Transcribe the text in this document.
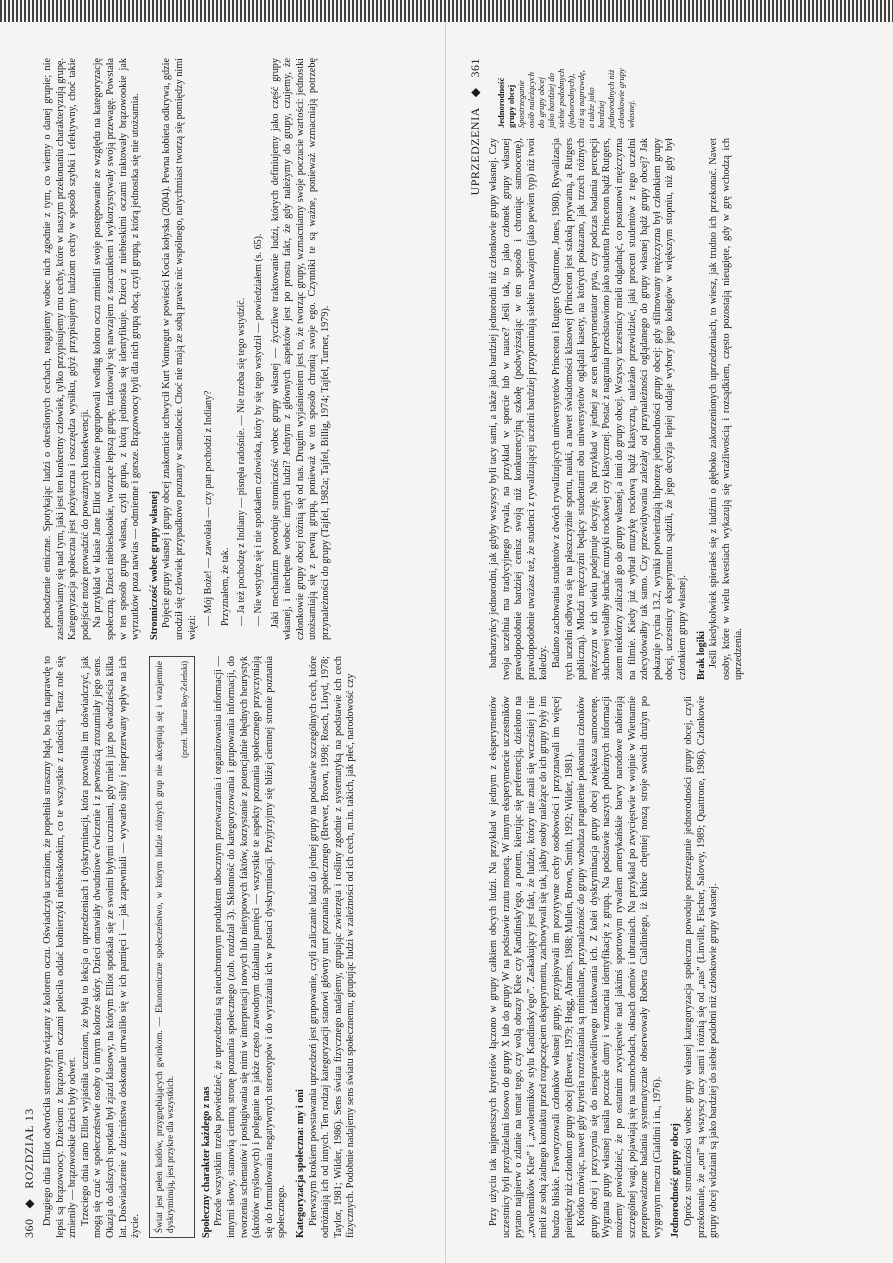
360
◆
ROZDZIAŁ 13 Drugiego dnia Elliot odwróciła stereotyp związany z kolorem oczu. Oświadczyła uczniom, że popełniła straszny błąd, bo tak naprawdę to lepsi są brązowoocy. Dzieciom z brązowymi oczami poleciła oddać kołnierzyki niebieskookim, co te wszystkie z radością. Teraz role się zmieniły — brązowookie dzieci były odwet. Trzeciego dnia rano Elliot wyjaśniła uczniom, że była to lekcja o uprzedzeniach i dyskryminacji, która pozwoliła im doświadczyć, jak mogą się czuć w społeczeństwie osoby o innym kolorze skóry. Dzieci omawiały dwudniowe ćwiczenie i z pewnością zrozumiały jego sens. Okazja do dalszych spotkań był zjazd klasowy, na którym Elliot spotkała się ze swoimi byłymi uczniami, gdy mieli już po dwadzieścia kilka lat. Doświadczenie z dzieciństwa doskonale utrwaliło się w ich pamięci i — jak zapewniali — wywarło silny i nieprzerwany wpływ na ich życie. Świat jest pełen kotłów, przygnębiających gwinkom. — Ekonomiczne społeczeństwo, w którym ludzie różnych grup nie akceptują się i wzajemnie dyskryminują, jest przykre dla wszystkich.
(przeł. Tadeusz Boy-Żeleński)

Społeczny charakter każdego z nas Przede wszystkim trzeba powiedzieć, że uprzedzenia są nieuchronnym produktem ubocznym przetwarzania i organizowania informacji — innymi słowy, stanowią ciemną stronę poznania społecznego (zob. rozdział 3). Skłonność do kategoryzowania i grupowania informacji, do tworzenia schematów i posługiwania się nimi w interpretacji nowych lub nietypowych faktów, korzystanie z potencjalnie błędnych heurystyk (skrótów myślowych) i poleganie na jakże często zawodnym działaniu pamięci — wszystkie te aspekty poznania społecznego przyczyniają się do formułowania negatywnych stereotypów i do wyrażania ich w postaci dyskryminacji. Przyjrzyjmy się bliżej ciemnej stronie poznania społecznego. Kategoryzacja społeczna: my i oni Pierwszym krokiem powstawania uprzedzeń jest grupowanie, czyli zaliczanie ludzi do jednej grupy na podstawie szczególnych cech, które odróżniają ich od innych. Ten rodzaj kategoryzacji stanowi główny nurt poznania społecznego (Brewer, Brown, 1998; Rosch, Lloyd, 1978; Taylor, 1981; Wilder, 1986). Sens świata fizycznego nadajemy, grupując zwierzęta i rośliny zgodnie z systematyką na podstawie ich cech fizycznych. Podobnie nadajemy sens światu społecznemu, grupując ludzi w zależności od ich cech, m.in. takich, jak płeć, narodowość czy

pochodzenie etniczne. Spotykając ludzi o określonych cechach, reagujemy wobec nich zgodnie z tym, co wiemy o danej grupie; nie zastanawiamy się nad tym, jaki jest ten konkretny człowiek, tylko przypisujemy mu cechy, które w naszym przekonaniu charakteryzują grupę. Kategoryzacja społeczna jest pożyteczna i oszczędza wysiłku, gdyż przypisujemy ludziom cechy w sposób szybki i efektywny, choć takie podejście może prowadzić do poważnych konsekwencji. Na przykład w klasie Jane Elliot uczniowie pogrupowali według koloru oczu zmienili swoje postępowanie ze względu na kategoryzację społeczną. Dzieci niebieskookie, tworzące lepszą grupę, traktowały się nawzajem z szacunkiem i wykorzystywały swoją przewagę. Powstała w ten sposób grupa własna, czyli grupa, z którą jednostka się identyfikuje. Dzieci z niebieskimi oczami traktowały brązowookie jak wyrzutków poza nawias — odmienne i gorsze. Brązowoocy byli dla nich grupą obcą, czyli grupą, z którą jednostka się nie utożsamia. Stronniczość wobec grupy własnej Pojęcie grupy własnej i grupy obcej znakomicie uchwycił Kurt Vonnegut w powieści Kocia kołyska (2004). Pewna kobieta odkrywa, gdzie urodził się człowiek przypadkowo poznany w samolocie. Choć nie mają ze sobą prawie nic wspólnego, natychmiast tworzą się pomiędzy nimi więzi:

— Mój Boże! — zawołała — czy pan pochodzi z Indiany? Przyznałem, że tak. — Ja też pochodzę z Indiany — pisnęła radośnie. — Nie trzeba się tego wstydzić. — Nie wstydzę się i nie spotkałem człowieka, który by się tego wstydził — powiedziałem (s. 65). Jaki mechanizm powoduje stronniczość wobec grupy własnej — życzliwe traktowanie ludzi, których definiujemy jako część grupy własnej, i niechętne wobec innych ludzi? Jednym z głównych aspektów jest po prostu fakt, że gdy należymy do grupy, czujemy, że członkowie grupy obcej różnią się od nas. Drugim wyjaśnieniem jest to, że tworząc grupy, wzmacniamy swoje poczucie wartości: jednostki utożsamiają się z pewną grupą, ponieważ w ten sposób chronią swoje ego. Czynniki te są ważne, ponieważ wzmacniają potrzebę przynależności do grupy (Tajfel, 1982a; Tajfel, Billig, 1974; Tajfel, Turner, 1979).

UPRZEDZENIA
◆
361

Przy użyciu tak najprostszych kryteriów łączono w grupy całkiem obcych ludzi. Na przykład w jednym z eksperymentów uczestnicy byli przydzielani losowo do grupy X lub do grupy W na podstawie rzutu monetą. W innym eksperymencie uczestników pytano najpierw o zdanie na temat tego, czy wolą obrazy Klee czy Kandinsky'ego, a potem, kierując się preferencją, dzielono na „zwolenników Klee” i „zwolenników stylu Kandinsky'ego”. Zaskakujący jest fakt, że ludzie, którzy nie znali się wcześniej i nie mieli ze sobą żadnego kontaktu przed rozpoczęciem eksperymentu, zachowywali się tak, jakby osoby należące do ich grupy były im bardzo bliskie. Faworyzowali członków własnej grupy, przypisywali im pozytywne cechy osobowości i przyznawali im więcej pieniędzy niż członkom grupy obcej (Brewer, 1979; Hogg, Abrams, 1988; Mullen, Brown, Smith, 1992; Wilder, 1981). Krótko mówiąc, nawet gdy kryteria rozróżniania są minimalne, przynależność do grupy wzbudza pragnienie pokonania członków grupy obcej i przyczynia się do niesprawiedliwego traktowania ich. Z kolei dyskryminacja grupy obcej zwiększa samoocenę. Wygrana grupy własnej nasila poczucie dumy i wzmacnia identyfikację z grupą. Na podstawie naszych pobieżnych informacji możemy powiedzieć, że po ostatnim zwycięstwie nad jakimś sportowym rywalem amerykańskie barwy narodowe nabierają szczególnej wagi, pojawiają się na samochodach, oknach domów i ubraniach. Na przykład po zwycięstwie w wojnie w Wietnamie przeprowadzone badania systematycznie obserwowały Roberta Cialdiniego, iż kibice chętniej noszą stroje swoich drużyn po wygranym meczu (Cialdini i in., 1976). Jednorodność grupy obcej Oprócz stronniczości wobec grupy własnej kategoryzacja społeczna powoduje postrzeganie jednorodności grupy obcej, czyli przekonanie, że „oni” są wszyscy tacy sami i różnią się od „nas” (Linville, Fischer, Salovey, 1989; Quattrone, 1986). Członkowie grupy obcej widziani są jako bardziej do siebie podobni niż członkowie grupy własnej.

barbarzyńcy jednorodni, jak gdyby wszyscy byli tacy sami, a także jako bardziej jednorodni niż członkowie grupy własnej. Czy twoja uczelnia ma tradycyjnego rywala, na przykład w sporcie lub w nauce? Jeśli tak, to jako członek grupy własnej prawdopodobnie bardziej cenisz swoją niż konkurencyjną szkołę (podwyższając w ten sposób i chroniąc samoocenę), prawdopodobnie uważasz też, że studenci z rywalizującej uczelni bardziej przypominają siebie nawzajem (jako pewien typ) niż twoi koledzy. Badano zachowania studentów z dwóch rywalizujących uniwersytetów Princeton i Rutgers (Quattrone, Jones, 1980). Rywalizacja tych uczelni odbywa się na płaszczyźnie sportu, nauki, a nawet świadomości klasowej (Princeton jest szkołą prywatną, a Rutgers publiczną). Młodzi mężczyźni będący studentami obu uniwersytetów oglądali kasety, na których pokazano, jak trzech różnych mężczyzn w ich wieku podejmuje decyzję. Na przykład w jednej ze scen eksperymentator pyta, czy podczas badania percepcji słuchowej wolałby słuchać muzyki rockowej czy klasycznej. Postać z nagrania przedstawiono jako studenta Princeton bądź Rutgers, zatem niektórzy zaliczali go do grupy własnej, a inni do grupy obcej. Wszyscy uczestnicy mieli odgadnąć, co postanowi mężczyzna na filmie. Kiedy już wybrał muzykę rockową bądź klasyczną, należało przewidzieć, jaki procent studentów z tego uczelni zdecydowałby tak samo. Czy przewidywania zależały od przynależności oglądanego do grupy własnej bądź grupy obcej? Jak pokazuje rycina 13.2, wyniki potwierdzają hipotezę jednorodności grupy obcej: gdy sfilmowany mężczyzna był członkiem grupy obcej, uczestnicy eksperymentu sądzili, że jego decyzja lepiej oddaje wybory jego kolegów w większym stopniu, niż gdy był członkiem grupy własnej. Brak logiki Jeśli kiedykolwiek spierałeś się z ludźmi o głęboko zakorzenionych uprzedzeniach, to wiesz, jak trudno ich przekonać. Nawet osoby, które w wielu kwestiach wykazują się wrażliwością i rozsądkiem, często pozostają nieugięte, gdy w grę wchodzą ich uprzedzenia.

Jednorodność grupy obcej Spostrzeganie osób należących do grupy obcej jako bardziej do siebie podobnych (jednorodnych), niż są naprawdę, a także jako bardziej jednorodnych niż członkowie grupy własnej.
